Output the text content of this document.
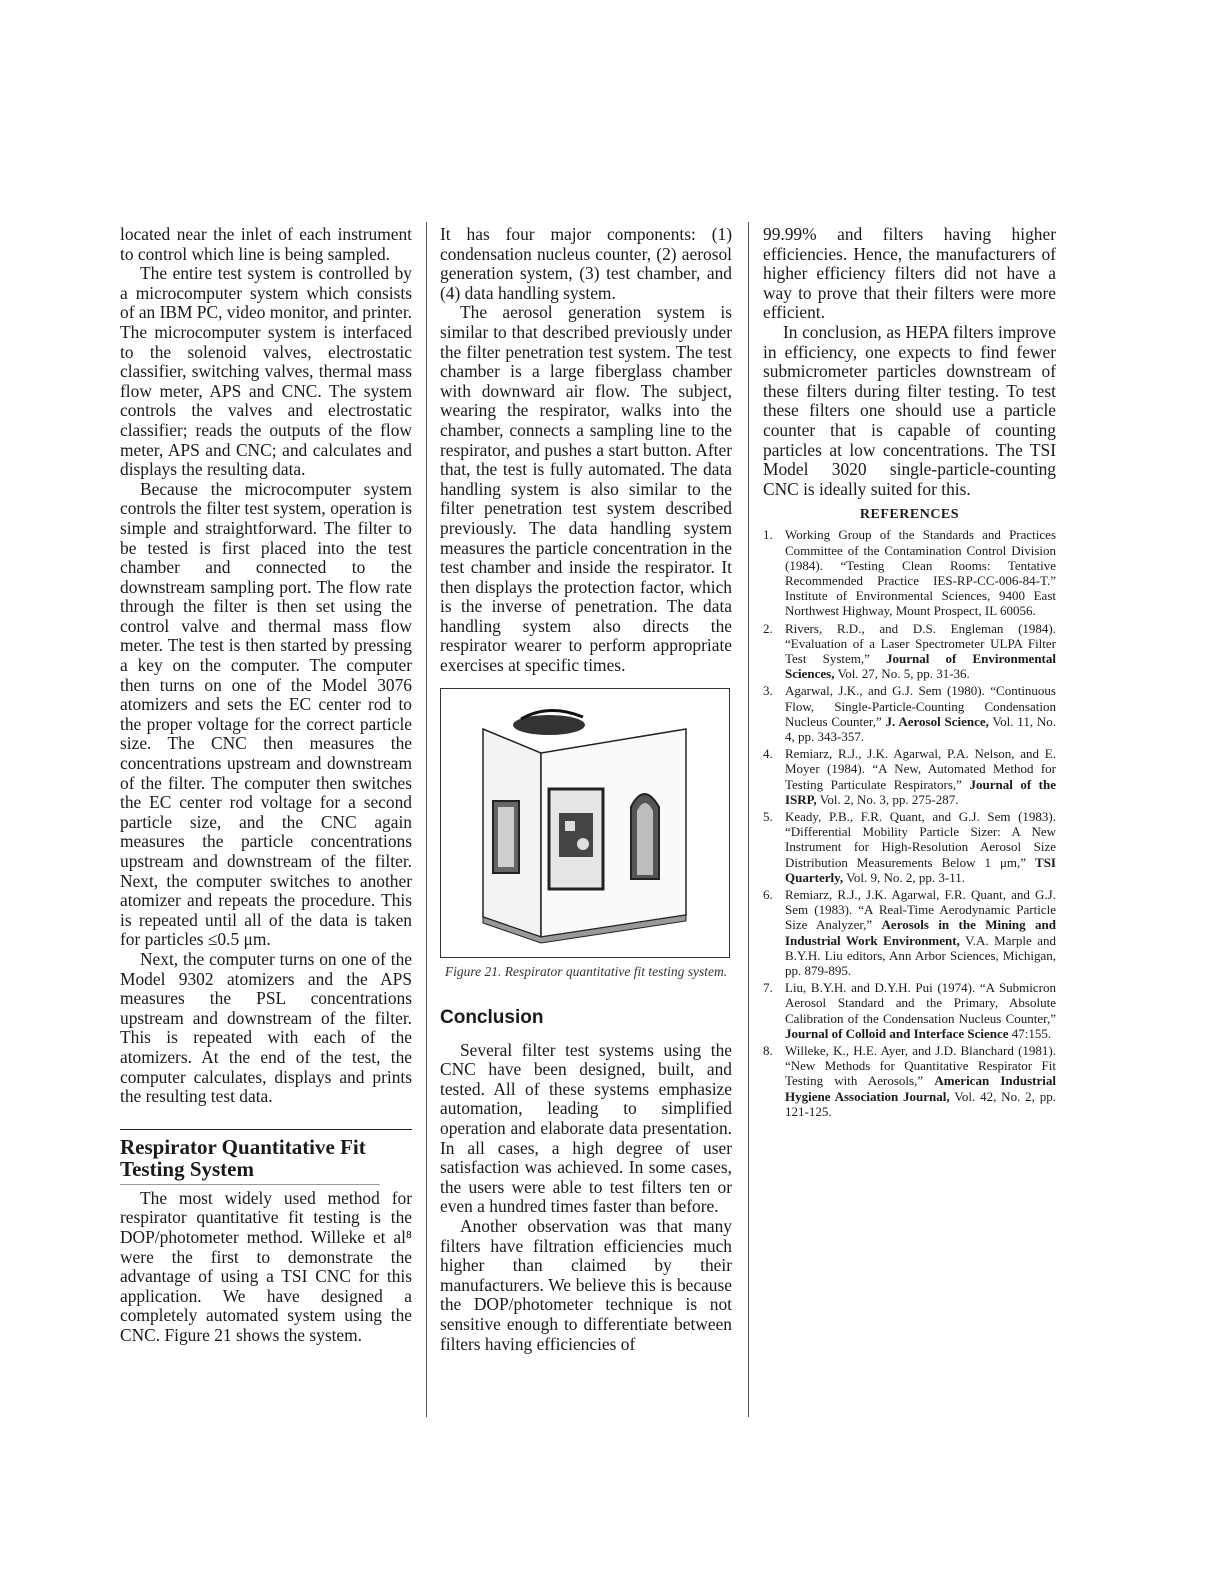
located near the inlet of each instrument to control which line is being sampled.

The entire test system is controlled by a microcomputer system which consists of an IBM PC, video monitor, and printer. The microcomputer system is interfaced to the solenoid valves, electrostatic classifier, switching valves, thermal mass flow meter, APS and CNC. The system controls the valves and electrostatic classifier; reads the outputs of the flow meter, APS and CNC; and calculates and displays the resulting data.

Because the microcomputer system controls the filter test system, operation is simple and straightforward. The filter to be tested is first placed into the test chamber and connected to the downstream sampling port. The flow rate through the filter is then set using the control valve and thermal mass flow meter. The test is then started by pressing a key on the computer. The computer then turns on one of the Model 3076 atomizers and sets the EC center rod to the proper voltage for the correct particle size. The CNC then measures the concentrations upstream and downstream of the filter. The computer then switches the EC center rod voltage for a second particle size, and the CNC again measures the particle concentrations upstream and downstream of the filter. Next, the computer switches to another atomizer and repeats the procedure. This is repeated until all of the data is taken for particles ≤0.5 μm.

Next, the computer turns on one of the Model 9302 atomizers and the APS measures the PSL concentrations upstream and downstream of the filter. This is repeated with each of the atomizers. At the end of the test, the computer calculates, displays and prints the resulting test data.

Respirator Quantitative Fit Testing System

The most widely used method for respirator quantitative fit testing is the DOP/photometer method. Willeke et al⁸ were the first to demonstrate the advantage of using a TSI CNC for this application. We have designed a completely automated system using the CNC. Figure 21 shows the system.

It has four major components: (1) condensation nucleus counter, (2) aerosol generation system, (3) test chamber, and (4) data handling system.

The aerosol generation system is similar to that described previously under the filter penetration test system. The test chamber is a large fiberglass chamber with downward air flow. The subject, wearing the respirator, walks into the chamber, connects a sampling line to the respirator, and pushes a start button. After that, the test is fully automated. The data handling system is also similar to the filter penetration test system described previously. The data handling system measures the particle concentration in the test chamber and inside the respirator. It then displays the protection factor, which is the inverse of penetration. The data handling system also directs the respirator wearer to perform appropriate exercises at specific times.

Figure 21. Respirator quantitative fit testing system.

Conclusion

Several filter test systems using the CNC have been designed, built, and tested. All of these systems emphasize automation, leading to simplified operation and elaborate data presentation. In all cases, a high degree of user satisfaction was achieved. In some cases, the users were able to test filters ten or even a hundred times faster than before.

Another observation was that many filters have filtration efficiencies much higher than claimed by their manufacturers. We believe this is because the DOP/photometer technique is not sensitive enough to differentiate between filters having efficiencies of

99.99% and filters having higher efficiencies. Hence, the manufacturers of higher efficiency filters did not have a way to prove that their filters were more efficient.

In conclusion, as HEPA filters improve in efficiency, one expects to find fewer submicrometer particles downstream of these filters during filter testing. To test these filters one should use a particle counter that is capable of counting particles at low concentrations. The TSI Model 3020 single-particle-counting CNC is ideally suited for this.

REFERENCES
1. Working Group of the Standards and Practices Committee of the Contamination Control Division (1984). “Testing Clean Rooms: Tentative Recommended Practice IES-RP-CC-006-84-T.” Institute of Environmental Sciences, 9400 East Northwest Highway, Mount Prospect, IL 60056.
2. Rivers, R.D., and D.S. Engleman (1984). “Evaluation of a Laser Spectrometer ULPA Filter Test System,” Journal of Environmental Sciences, Vol. 27, No. 5, pp. 31-36.
3. Agarwal, J.K., and G.J. Sem (1980). “Continuous Flow, Single-Particle-Counting Condensation Nucleus Counter,” J. Aerosol Science, Vol. 11, No. 4, pp. 343-357.
4. Remiarz, R.J., J.K. Agarwal, P.A. Nelson, and E. Moyer (1984). “A New, Automated Method for Testing Particulate Respirators,” Journal of the ISRP, Vol. 2, No. 3, pp. 275-287.
5. Keady, P.B., F.R. Quant, and G.J. Sem (1983). “Differential Mobility Particle Sizer: A New Instrument for High-Resolution Aerosol Size Distribution Measurements Below 1 μm,” TSI Quarterly, Vol. 9, No. 2, pp. 3-11.
6. Remiarz, R.J., J.K. Agarwal, F.R. Quant, and G.J. Sem (1983). “A Real-Time Aerodynamic Particle Size Analyzer,” Aerosols in the Mining and Industrial Work Environment, V.A. Marple and B.Y.H. Liu editors, Ann Arbor Sciences, Michigan, pp. 879-895.
7. Liu, B.Y.H. and D.Y.H. Pui (1974). “A Submicron Aerosol Standard and the Primary, Absolute Calibration of the Condensation Nucleus Counter,” Journal of Colloid and Interface Science 47:155.
8. Willeke, K., H.E. Ayer, and J.D. Blanchard (1981). “New Methods for Quantitative Respirator Fit Testing with Aerosols,” American Industrial Hygiene Association Journal, Vol. 42, No. 2, pp. 121-125.
